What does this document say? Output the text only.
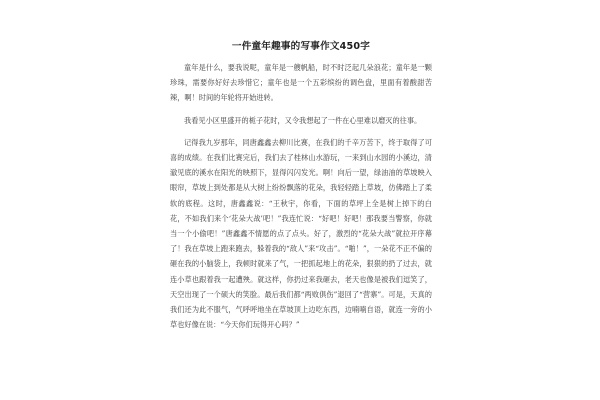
一件童年趣事的写事作文450字

童年是什么，要我说呢，童年是一艘帆船，时不时泛起几朵浪花；童年是一颗珍珠，需要你好好去珍惜它；童年也是一个五彩缤纷的调色盘，里面有着酸甜苦辣，啊！时间的年轮将开始进转。

我看见小区里盛开的栀子花时，又令我想起了一件在心里难以磨灭的往事。

记得我九岁那年，同唐鑫鑫去柳川比赛，在我们的千辛万苦下，终于取得了可喜的成绩。在我们比赛完后，我们去了桂林山水游玩，一来到山水园的小溪边，清澈见底的溪水在阳光的映照下，显得闪闪发光。啊！向后一望，绿油油的草坡映入眼帘，草坡上到处都是从大树上纷纷飘落的花朵，我轻轻踏上草坡，仿佛踏上了柔软的底程。这时，唐鑫鑫说：“王秋宇，你看，下面的草坪上全是树上掉下的白花，不如我们来个‘花朵大战’吧！”我连忙说：“好吧！好吧！那我要当警察，你就当一个小偷吧！”唐鑫鑫不情愿的点了点头。好了，激烈的“花朵大战”就拉开序幕了！我在草坡上跑来跑去，躲着我的“敌人”来“攻击”。“啪！”，一朵花不正不偏的砸在我的小脑袋上，我顿时就来了气，一把抓起地上的花朵，狠狠的扔了过去，就连小草也跟着我一起遭殃。就这样，你扔过来我砸去，老天也像是被我们逗笑了，天空出现了一个硕大的笑脸。最后我们都“两败俱伤”退回了“营寨”。可是，天真的我们还为此不服气，气呼呼地坐在草坡顶上边吃东西，边喃喃自语，就连一旁的小草也好像在说：“今天你们玩得开心吗？”
